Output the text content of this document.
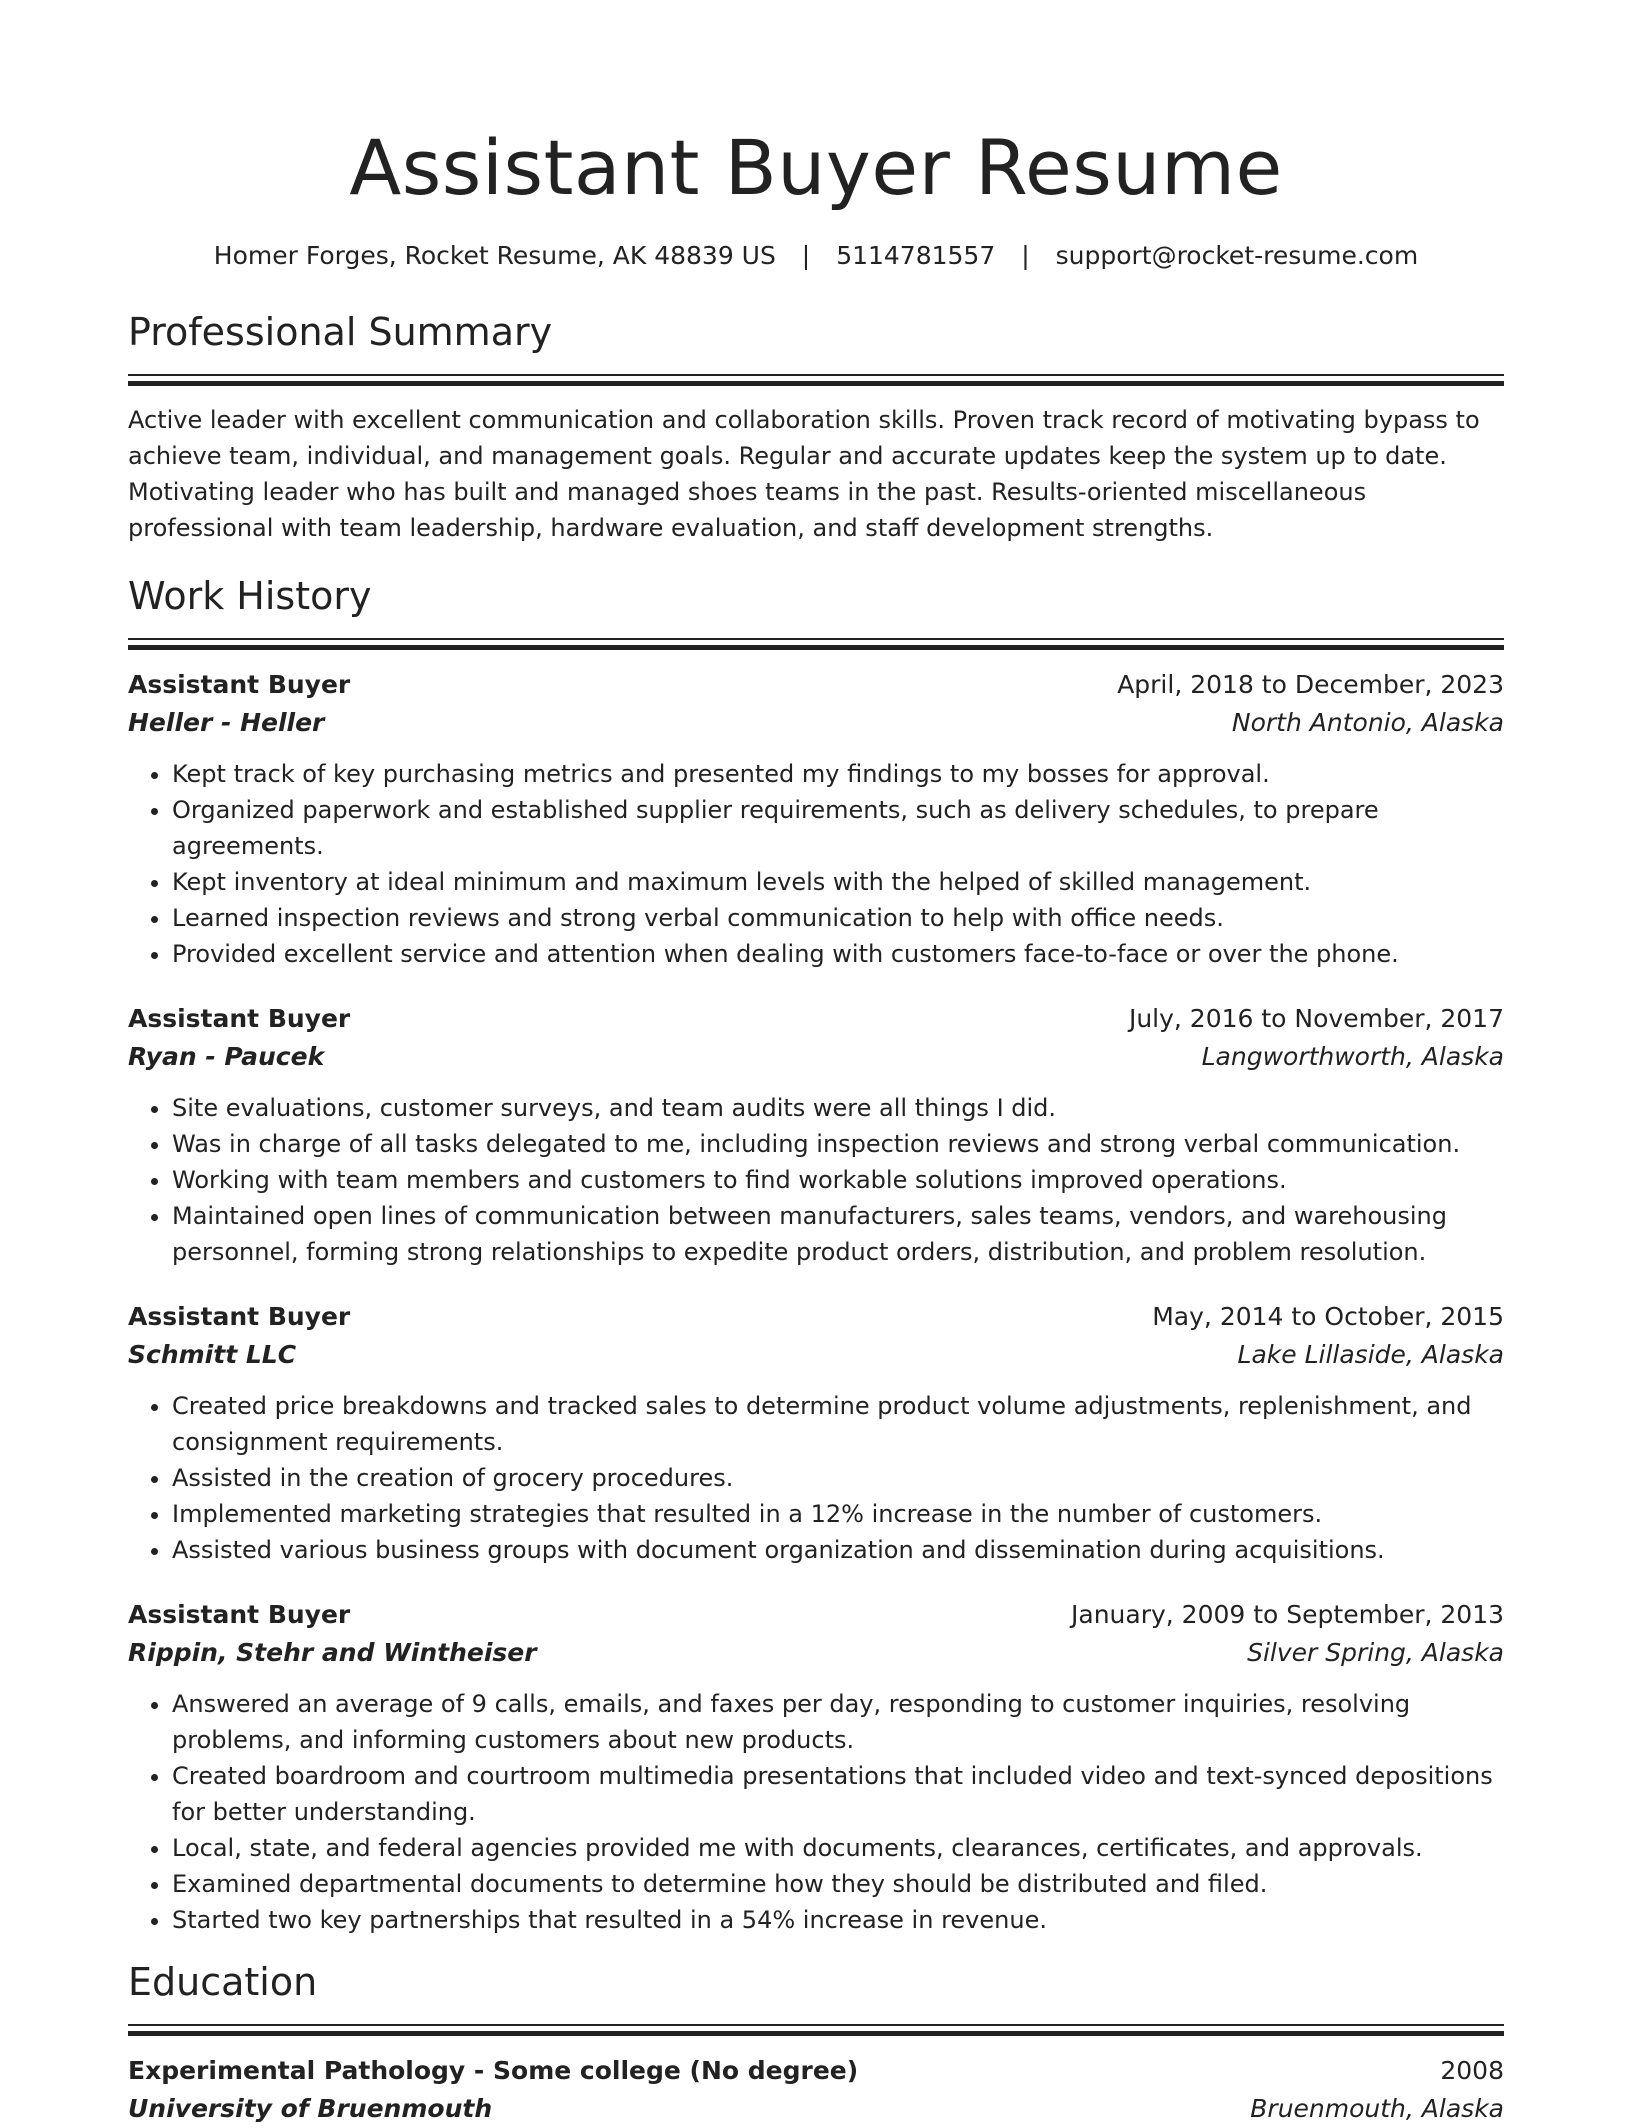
Assistant Buyer Resume
Homer Forges, Rocket Resume, AK 48839 US | 5114781557 | support@rocket-resume.com
Professional Summary

Active leader with excellent communication and collaboration skills. Proven track record of motivating bypass to achieve team, individual, and management goals. Regular and accurate updates keep the system up to date. Motivating leader who has built and managed shoes teams in the past. Results-oriented miscellaneous professional with team leadership, hardware evaluation, and staff development strengths.

Work History
Assistant Buyer	April, 2018 to December, 2023
Heller - Heller	North Antonio, Alaska
• Kept track of key purchasing metrics and presented my findings to my bosses for approval.
• Organized paperwork and established supplier requirements, such as delivery schedules, to prepare agreements.
• Kept inventory at ideal minimum and maximum levels with the helped of skilled management.
• Learned inspection reviews and strong verbal communication to help with office needs.
• Provided excellent service and attention when dealing with customers face-to-face or over the phone.
Assistant Buyer	July, 2016 to November, 2017
Ryan - Paucek	Langworthworth, Alaska
• Site evaluations, customer surveys, and team audits were all things I did.
• Was in charge of all tasks delegated to me, including inspection reviews and strong verbal communication.
• Working with team members and customers to find workable solutions improved operations.
• Maintained open lines of communication between manufacturers, sales teams, vendors, and warehousing personnel, forming strong relationships to expedite product orders, distribution, and problem resolution.
Assistant Buyer	May, 2014 to October, 2015
Schmitt LLC	Lake Lillaside, Alaska
• Created price breakdowns and tracked sales to determine product volume adjustments, replenishment, and consignment requirements.
• Assisted in the creation of grocery procedures.
• Implemented marketing strategies that resulted in a 12% increase in the number of customers.
• Assisted various business groups with document organization and dissemination during acquisitions.
Assistant Buyer	January, 2009 to September, 2013
Rippin, Stehr and Wintheiser	Silver Spring, Alaska
• Answered an average of 9 calls, emails, and faxes per day, responding to customer inquiries, resolving problems, and informing customers about new products.
• Created boardroom and courtroom multimedia presentations that included video and text-synced depositions for better understanding.
• Local, state, and federal agencies provided me with documents, clearances, certificates, and approvals.
• Examined departmental documents to determine how they should be distributed and filed.
• Started two key partnerships that resulted in a 54% increase in revenue.
Education
Experimental Pathology - Some college (No degree)	2008
University of Bruenmouth	Bruenmouth, Alaska
